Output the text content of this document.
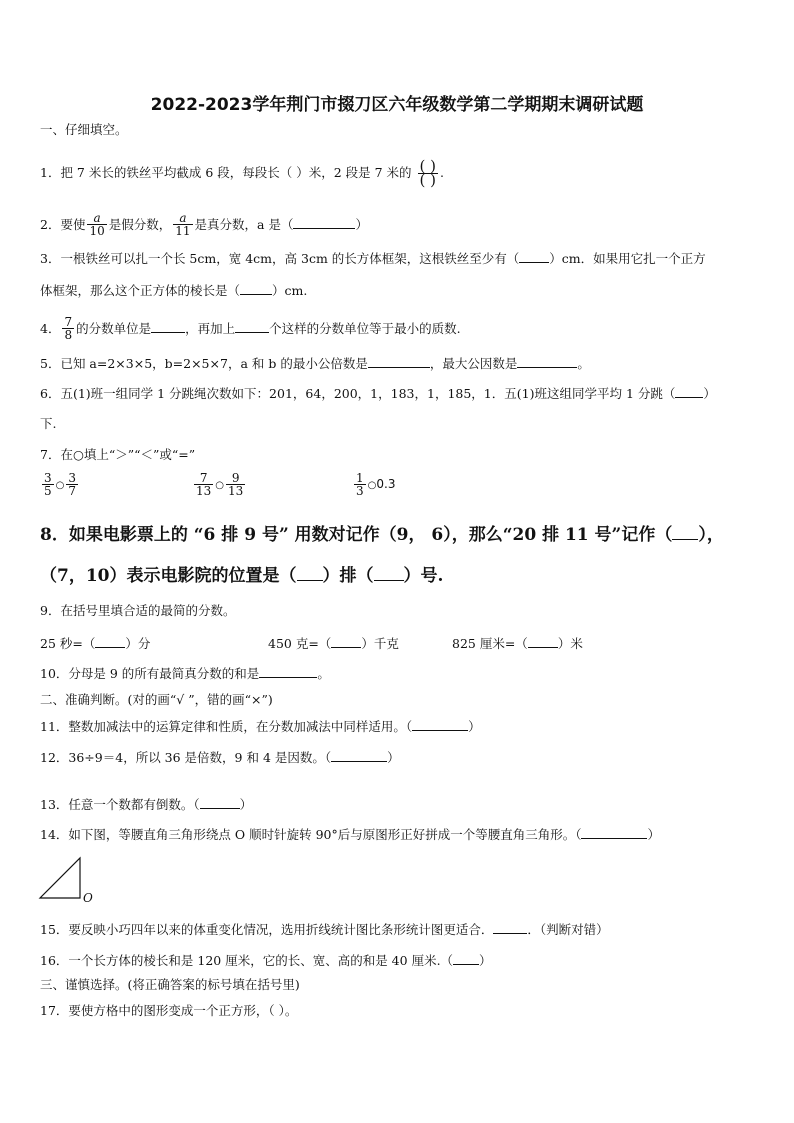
2022-2023学年荆门市掇刀区六年级数学第二学期期末调研试题
一、仔细填空。
1．把 7 米长的铁丝平均截成 6 段，每段长（ ）米，2 段是 7 米的 $\frac{( )}{( )}$ .
2．要使 $\frac{a}{10}$ 是假分数， $\frac{a}{11}$ 是真分数，a 是（	）
3．一根铁丝可以扎一个长 5cm，宽 4cm，高 3cm 的长方体框架，这根铁丝至少有（ ）cm．如果用它扎一个正方
体框架，那么这个正方体的棱长是（	）cm.
4． $\frac{7}{8}$ 的分数单位是	，再加上	个这样的分数单位等于最小的质数.
5．已知 a=2×3×5，b=2×5×7，a 和 b 的最小公倍数是	，最大公因数是	。
6．五(1)班一组同学 1 分跳绳次数如下：201，64，200，1，183，1，185，1．五(1)班这组同学平均 1 分跳（ ）
下.
7．在○填上“＞”“＜”或“=”
$\frac{3}{5}$ ○ $\frac{3}{7}$	$\frac{7}{13}$ ○ $\frac{9}{13}$	$\frac{1}{3}$ ○0.3
8．如果电影票上的 “6 排 9 号” 用数对记作（9， 6），那么“20 排 11 号”记作（ ），
（7，10）表示电影院的位置是（ ）排（ ）号.
9．在括号里填合适的最简的分数。
25 秒=（ ）分	450 克=（ ）千克	825 厘米=（ ）米
10．分母是 9 的所有最简真分数的和是	。
二、准确判断。(对的画“√ ”，错的画“×”)
11．整数加减法中的运算定律和性质，在分数加减法中同样适用。（	）
12．36÷9＝4，所以 36 是倍数，9 和 4 是因数。（	）
13．任意一个数都有倒数。（	）
14．如下图，等腰直角三角形绕点 O 顺时针旋转 90°后与原图形正好拼成一个等腰直角三角形。（	）
O
15．要反映小巧四年以来的体重变化情况，选用折线统计图比条形统计图更适合．	．（判断对错）
16．一个长方体的棱长和是 120 厘米，它的长、宽、高的和是 40 厘米.（ ）
三、谨慎选择。(将正确答案的标号填在括号里)
17．要使方格中的图形变成一个正方形，（ ）。
